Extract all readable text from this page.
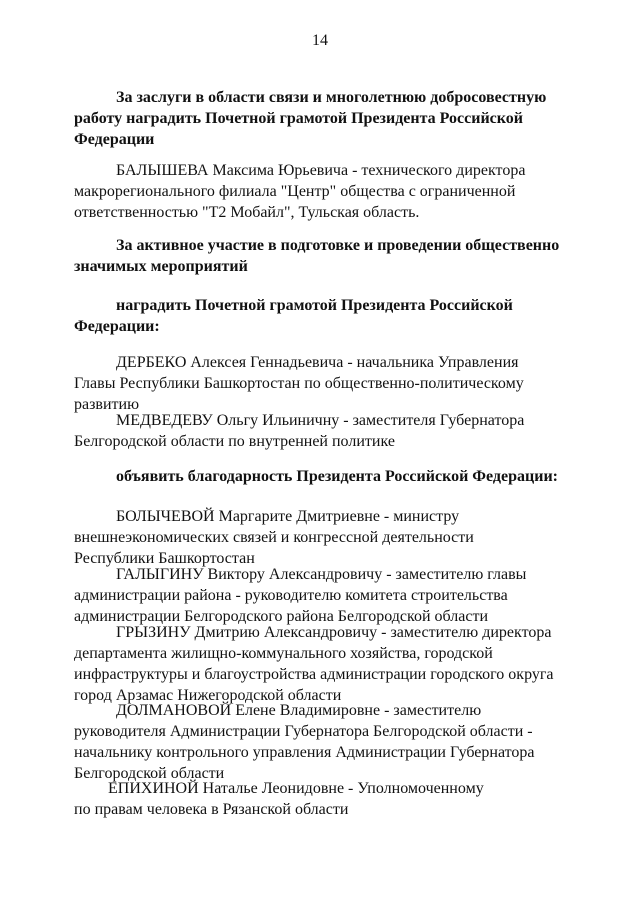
14
За заслуги в области связи и многолетнюю добросовестную
работу наградить Почетной грамотой Президента Российской
Федерации
БАЛЫШЕВА Максима Юрьевича - технического директора
макрорегионального филиала "Центр" общества с ограниченной
ответственностью "Т2 Мобайл", Тульская область.
За активное участие в подготовке и проведении общественно
значимых мероприятий
наградить Почетной грамотой Президента Российской
Федерации:
ДЕРБЕКО Алексея Геннадьевича - начальника Управления
Главы Республики Башкортостан по общественно-политическому
развитию
МЕДВЕДЕВУ Ольгу Ильиничну - заместителя Губернатора
Белгородской области по внутренней политике
объявить благодарность Президента Российской Федерации:
БОЛЫЧЕВОЙ Маргарите Дмитриевне - министру
внешнеэкономических связей и конгрессной деятельности
Республики Башкортостан
ГАЛЫГИНУ Виктору Александровичу - заместителю главы
администрации района - руководителю комитета строительства
администрации Белгородского района Белгородской области
ГРЫЗИНУ Дмитрию Александровичу - заместителю директора
департамента жилищно-коммунального хозяйства, городской
инфраструктуры и благоустройства администрации городского округа
город Арзамас Нижегородской области
ДОЛМАНОВОЙ Елене Владимировне - заместителю
руководителя Администрации Губернатора Белгородской области -
начальнику контрольного управления Администрации Губернатора
Белгородской области
ЕПИХИНОЙ Наталье Леонидовне - Уполномоченному
по правам человека в Рязанской области
